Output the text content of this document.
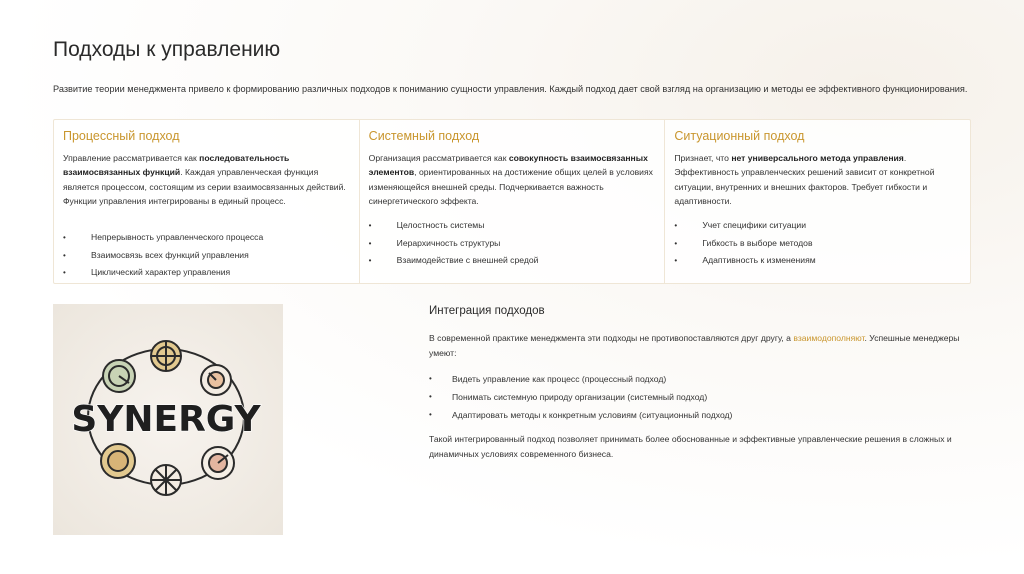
Подходы к управлению

Развитие теории менеджмента привело к формированию различных подходов к пониманию сущности управления. Каждый подход дает свой взгляд на организацию и методы ее эффективного функционирования.

Процессный подход
Управление рассматривается как последовательность взаимосвязанных функций. Каждая управленческая функция является процессом, состоящим из серии взаимосвязанных действий. Функции управления интегрированы в единый процесс.
• Непрерывность управленческого процесса
• Взаимосвязь всех функций управления
• Циклический характер управления
Системный подход
Организация рассматривается как совокупность взаимосвязанных элементов, ориентированных на достижение общих целей в условиях изменяющейся внешней среды. Подчеркивается важность синергетического эффекта.
• Целостность системы
• Иерархичность структуры
• Взаимодействие с внешней средой
Ситуационный подход
Признает, что нет универсального метода управления. Эффективность управленческих решений зависит от конкретной ситуации, внутренних и внешних факторов. Требует гибкости и адаптивности.
• Учет специфики ситуации
• Гибкость в выборе методов
• Адаптивность к изменениям
SYNERGY
Интеграция подходов

В современной практике менеджмента эти подходы не противопоставляются друг другу, а взаимодополняют. Успешные менеджеры умеют:

• Видеть управление как процесс (процессный подход)
• Понимать системную природу организации (системный подход)
• Адаптировать методы к конкретным условиям (ситуационный подход)

Такой интегрированный подход позволяет принимать более обоснованные и эффективные управленческие решения в сложных и динамичных условиях современного бизнеса.
